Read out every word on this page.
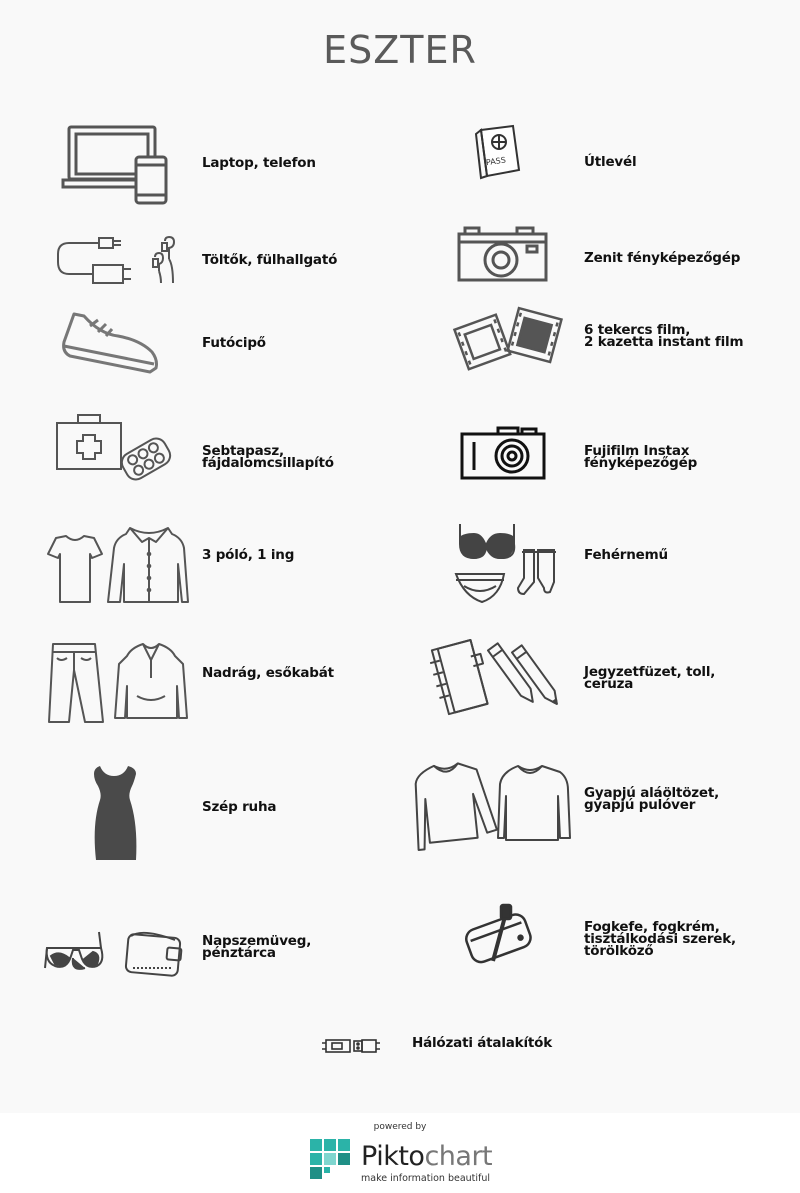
ESZTER
Laptop, telefon	PASS	Útlevél
Töltők, fülhallgató	Zenit fényképezőgép
Futócipő
6 tekercs film,
2 kazetta instant film
Sebtapasz,
fájdalomcsillapító
Fujifilm Instax
fényképezőgép
3 póló, 1 ing	Fehérnemű
Nadrág, esőkabát	Jegyzetfüzet, toll,
ceruza
Szép ruha
Gyapjú aláöltözet,
gyapjú pulóver
Napszemüveg,
pénztárca
Fogkefe, fogkrém,
tisztálkodási szerek,
törölköző
Hálózati átalakítók
powered by
Piktochart
make information beautiful
